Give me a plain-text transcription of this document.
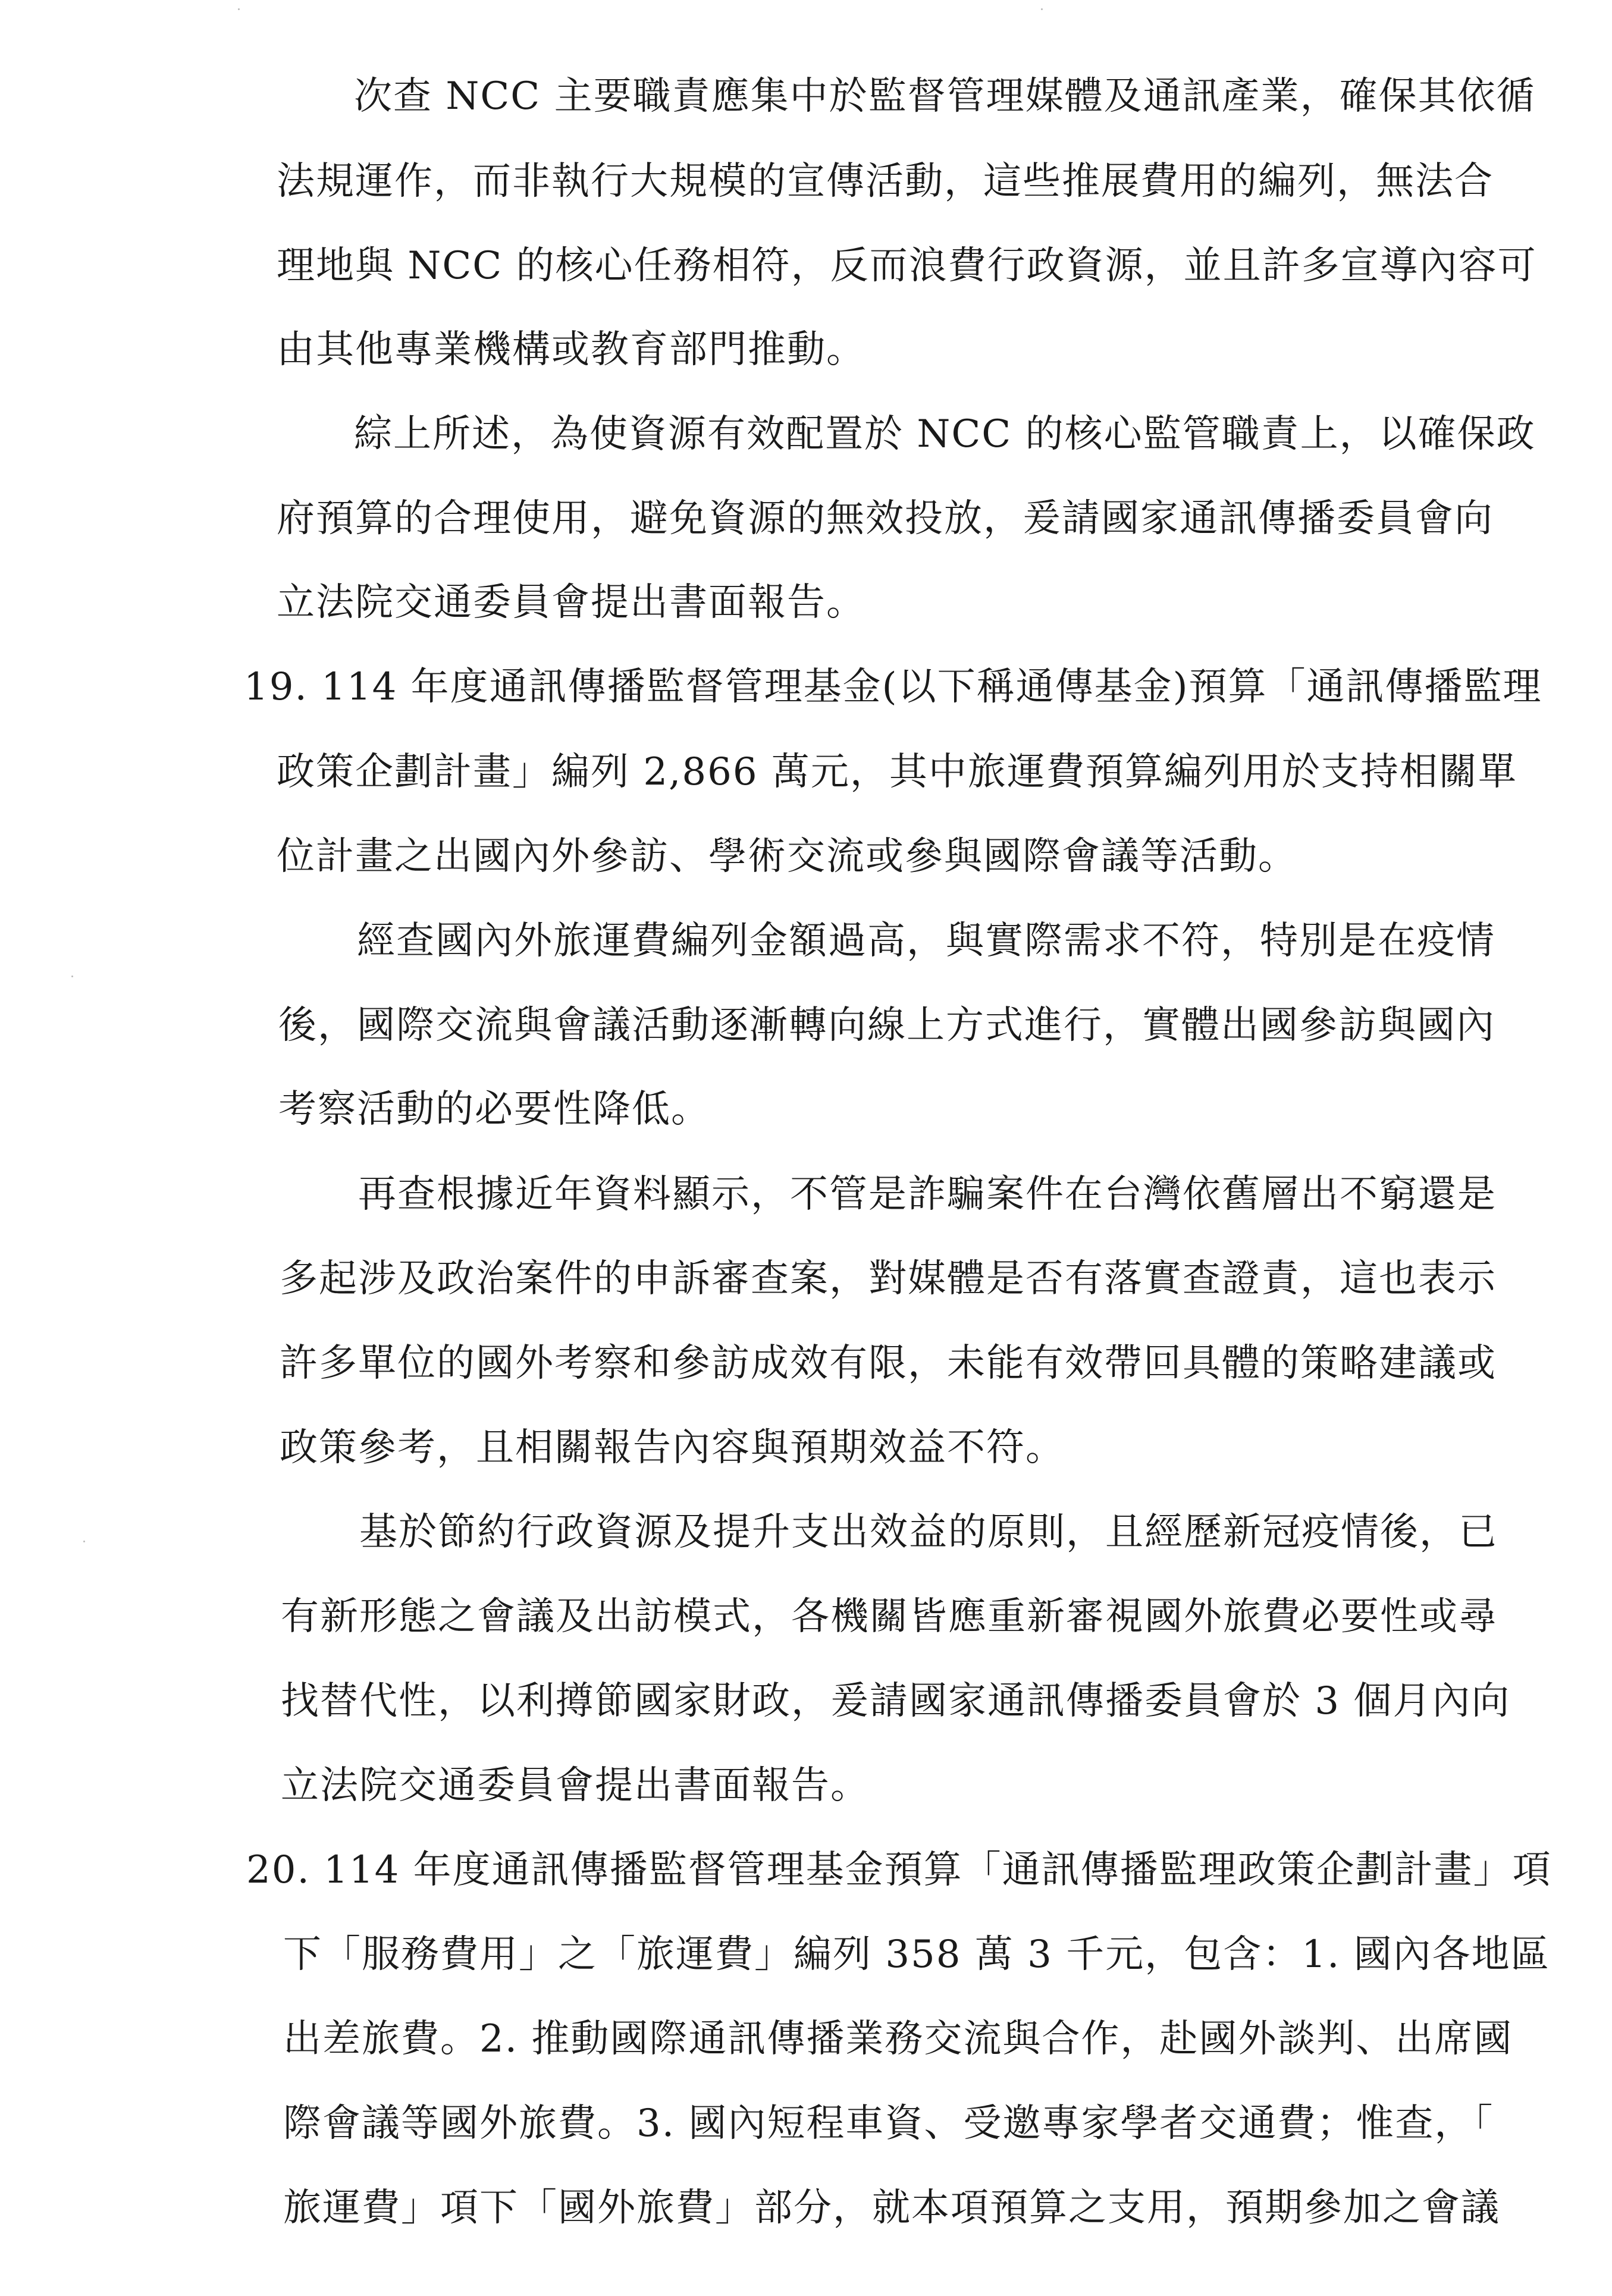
次查 NCC 主要職責應集中於監督管理媒體及通訊產業，確保其依循
法規運作，而非執行大規模的宣傳活動，這些推展費用的編列，無法合
理地與 NCC 的核心任務相符，反而浪費行政資源，並且許多宣導內容可
由其他專業機構或教育部門推動。
綜上所述，為使資源有效配置於 NCC 的核心監管職責上，以確保政
府預算的合理使用，避免資源的無效投放，爰請國家通訊傳播委員會向
立法院交通委員會提出書面報告。
19. 114 年度通訊傳播監督管理基金(以下稱通傳基金)預算「通訊傳播監理
政策企劃計畫」編列 2,866 萬元，其中旅運費預算編列用於支持相關單
位計畫之出國內外參訪、學術交流或參與國際會議等活動。
經查國內外旅運費編列金額過高，與實際需求不符，特別是在疫情
後，國際交流與會議活動逐漸轉向線上方式進行，實體出國參訪與國內
考察活動的必要性降低。
再查根據近年資料顯示，不管是詐騙案件在台灣依舊層出不窮還是
多起涉及政治案件的申訴審查案，對媒體是否有落實查證責，這也表示
許多單位的國外考察和參訪成效有限，未能有效帶回具體的策略建議或
政策參考，且相關報告內容與預期效益不符。
基於節約行政資源及提升支出效益的原則，且經歷新冠疫情後，已
有新形態之會議及出訪模式，各機關皆應重新審視國外旅費必要性或尋
找替代性，以利撙節國家財政，爰請國家通訊傳播委員會於 3 個月內向
立法院交通委員會提出書面報告。
20. 114 年度通訊傳播監督管理基金預算「通訊傳播監理政策企劃計畫」項
下「服務費用」之「旅運費」編列 358 萬 3 千元，包含：1. 國內各地區
出差旅費。2. 推動國際通訊傳播業務交流與合作，赴國外談判、出席國
際會議等國外旅費。3. 國內短程車資、受邀專家學者交通費；惟查，「
旅運費」項下「國外旅費」部分，就本項預算之支用，預期參加之會議
